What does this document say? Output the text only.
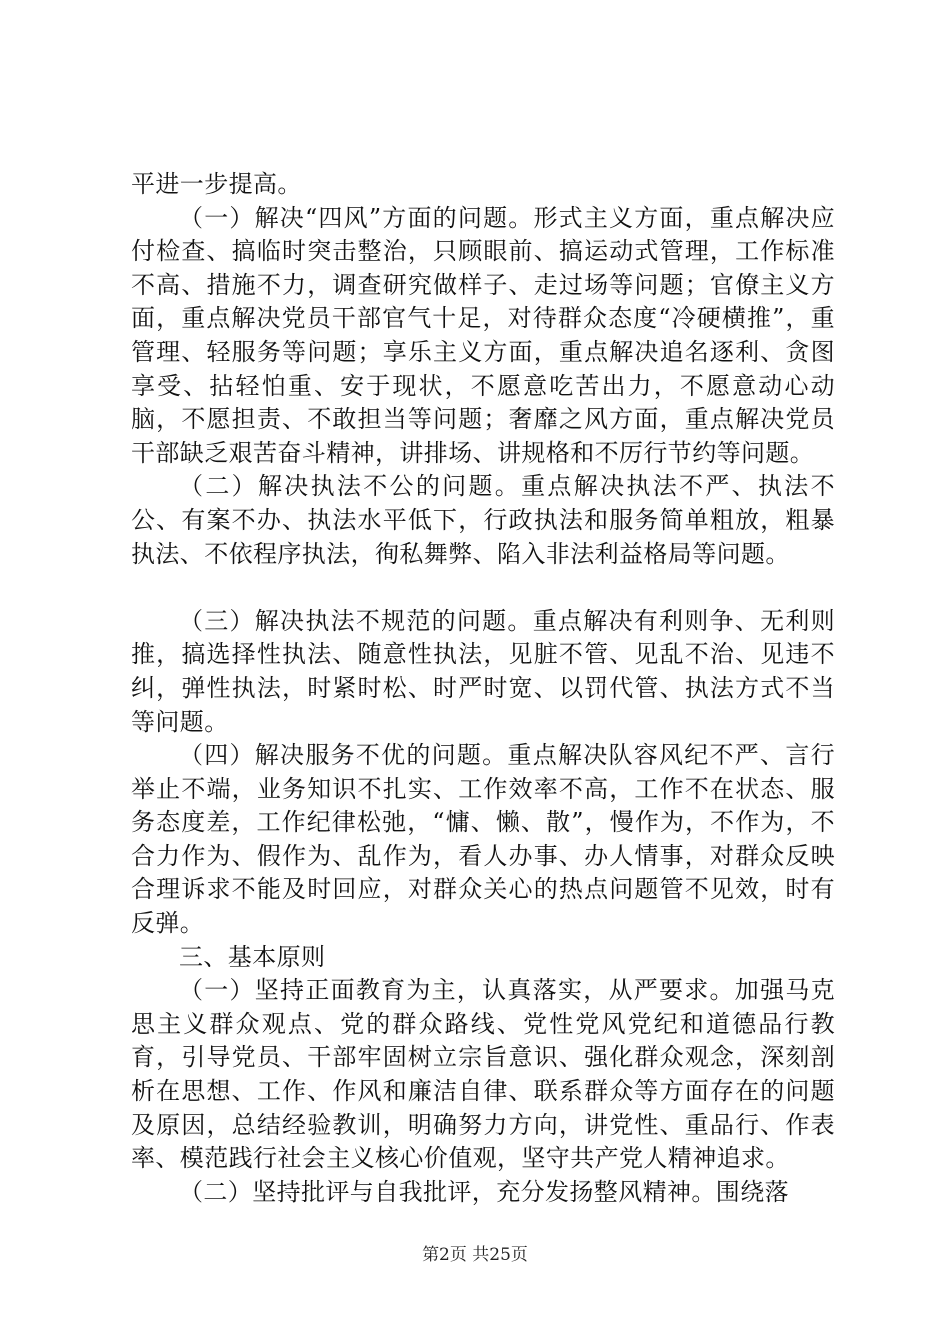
平进一步提高。

（一）解决“四风”方面的问题。形式主义方面，重点解决应付检查、搞临时突击整治，只顾眼前、搞运动式管理，工作标准不高、措施不力，调查研究做样子、走过场等问题；官僚主义方面，重点解决党员干部官气十足，对待群众态度“冷硬横推”，重管理、轻服务等问题；享乐主义方面，重点解决追名逐利、贪图享受、拈轻怕重、安于现状，不愿意吃苦出力，不愿意动心动脑，不愿担责、不敢担当等问题；奢靡之风方面，重点解决党员干部缺乏艰苦奋斗精神，讲排场、讲规格和不厉行节约等问题。

（二）解决执法不公的问题。重点解决执法不严、执法不公、有案不办、执法水平低下，行政执法和服务简单粗放，粗暴执法、不依程序执法，徇私舞弊、陷入非法利益格局等问题。

（三）解决执法不规范的问题。重点解决有利则争、无利则推，搞选择性执法、随意性执法，见脏不管、见乱不治、见违不纠，弹性执法，时紧时松、时严时宽、以罚代管、执法方式不当等问题。

（四）解决服务不优的问题。重点解决队容风纪不严、言行举止不端，业务知识不扎实、工作效率不高，工作不在状态、服务态度差，工作纪律松弛，“慵、懒、散”，慢作为，不作为，不合力作为、假作为、乱作为，看人办事、办人情事，对群众反映合理诉求不能及时回应，对群众关心的热点问题管不见效，时有反弹。

三、基本原则

（一）坚持正面教育为主，认真落实，从严要求。加强马克思主义群众观点、党的群众路线、党性党风党纪和道德品行教育，引导党员、干部牢固树立宗旨意识、强化群众观念，深刻剖析在思想、工作、作风和廉洁自律、联系群众等方面存在的问题及原因，总结经验教训，明确努力方向，讲党性、重品行、作表率、模范践行社会主义核心价值观，坚守共产党人精神追求。

（二）坚持批评与自我批评，充分发扬整风精神。围绕落

第2页 共25页
